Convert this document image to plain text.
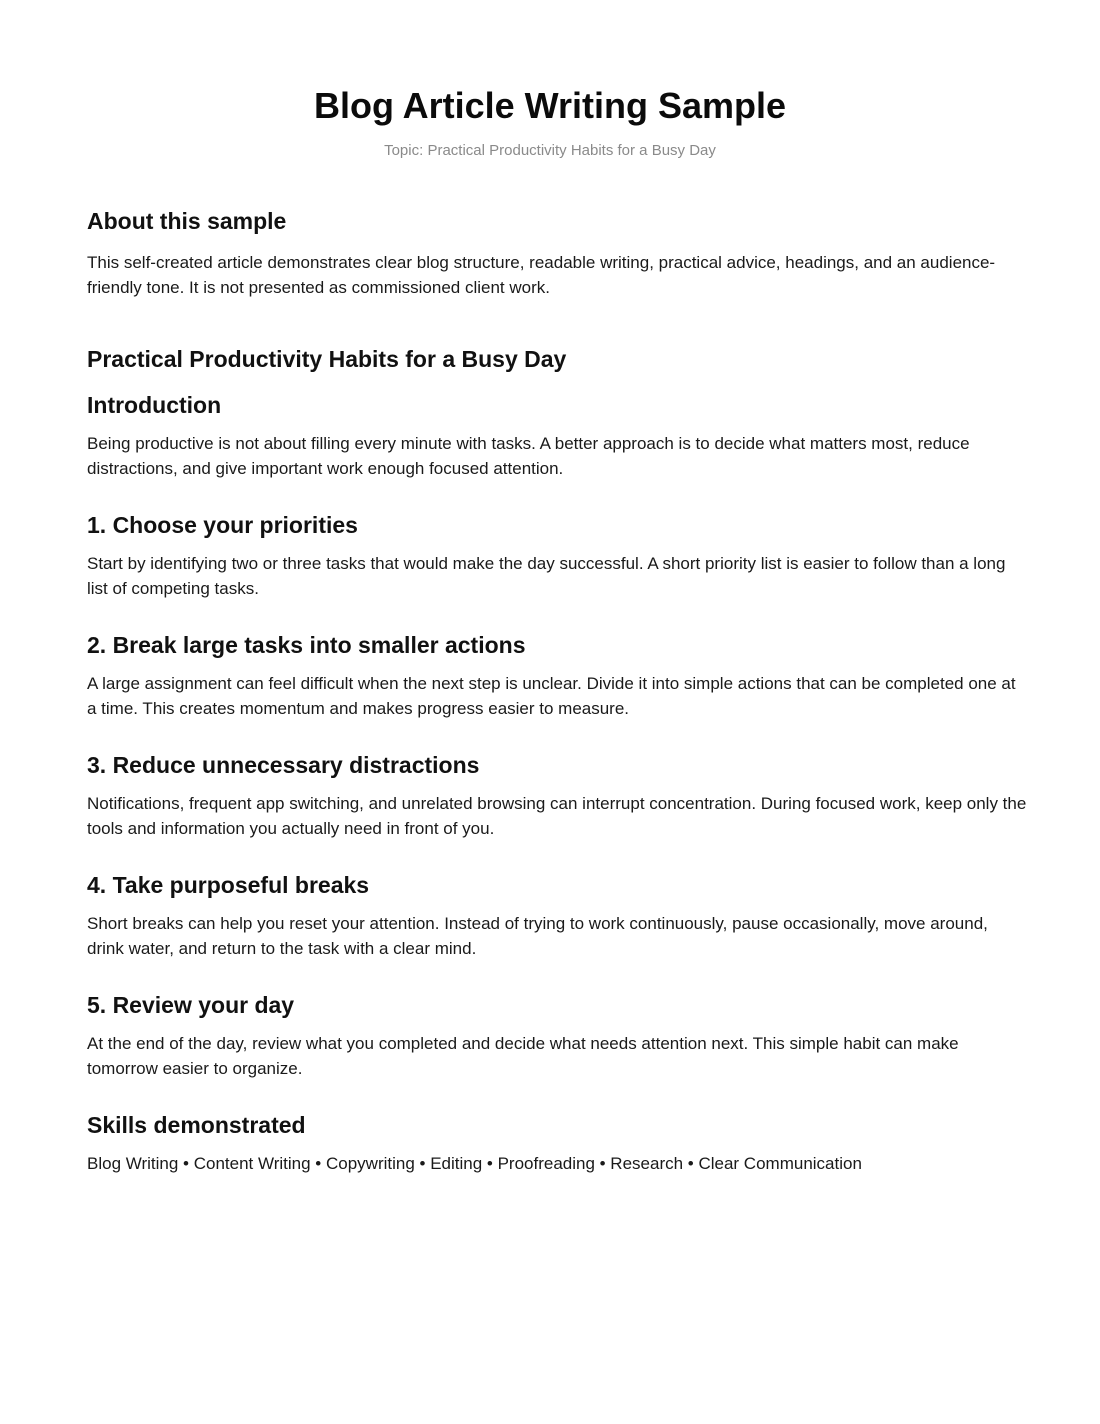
Blog Article Writing Sample
Topic: Practical Productivity Habits for a Busy Day
About this sample

This self-created article demonstrates clear blog structure, readable writing, practical advice, headings, and an audience-friendly tone. It is not presented as commissioned client work.

Practical Productivity Habits for a Busy Day
Introduction

Being productive is not about filling every minute with tasks. A better approach is to decide what matters most, reduce distractions, and give important work enough focused attention.

1. Choose your priorities

Start by identifying two or three tasks that would make the day successful. A short priority list is easier to follow than a long list of competing tasks.

2. Break large tasks into smaller actions

A large assignment can feel difficult when the next step is unclear. Divide it into simple actions that can be completed one at a time. This creates momentum and makes progress easier to measure.

3. Reduce unnecessary distractions

Notifications, frequent app switching, and unrelated browsing can interrupt concentration. During focused work, keep only the tools and information you actually need in front of you.

4. Take purposeful breaks

Short breaks can help you reset your attention. Instead of trying to work continuously, pause occasionally, move around, drink water, and return to the task with a clear mind.

5. Review your day

At the end of the day, review what you completed and decide what needs attention next. This simple habit can make tomorrow easier to organize.

Skills demonstrated

Blog Writing • Content Writing • Copywriting • Editing • Proofreading • Research • Clear Communication
